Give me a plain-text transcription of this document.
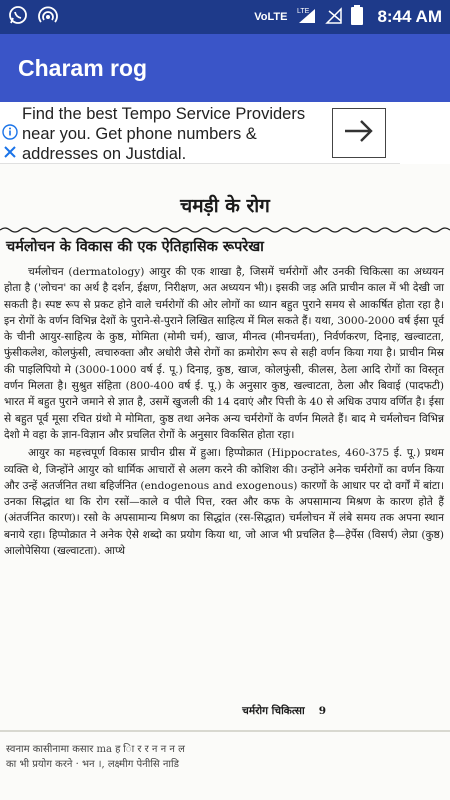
VoLTE LTE	8:44 AM
Charam rog
Find the best Tempo Service Providers near you. Get phone numbers & addresses on Justdial.
चमड़ी के रोग
चर्मलोचन के विकास की एक ऐतिहासिक रूपरेखा

चर्मलोचन (dermatology) आयुर की एक शाखा है, जिसमें चर्मरोगों और उनकी चिकित्सा का अध्ययन होता है ('लोचन' का अर्थ है दर्शन, ईक्षण, निरीक्षण, अत अध्ययन भी)। इसकी जड़ अति प्राचीन काल में भी देखी जा सकती है। स्पष्ट रूप से प्रकट होने वाले चर्मरोगों की ओर लोगों का ध्यान बहुत पुराने समय से आकर्षित होता रहा है। इन रोगों के वर्णन विभिन्न देशों के पुराने-से-पुराने लिखित साहित्य में मिल सकते हैं। यथा, 3000-2000 वर्ष ईसा पूर्व के चीनी आयुर-साहित्य के कुष्ठ, मोमिता (मोमी चर्म), खाज, मीनत्व (मीनचर्मता), निर्वर्णकरण, दिनाइ, खल्वाटता, फुंसीकलेश, कोलफुंसी, त्वचारुक्ता और अधोरी जैसे रोगों का क्रमोरोग रूप से सही वर्णन किया गया है। प्राचीन मिस्र की पाइलिपियो मे (3000-1000 वर्ष ई. पू.) दिनाइ, कुष्ठ, खाज, कोलफुंसी, कीलस, ठेला आदि रोगों का विस्तृत वर्णन मिलता है। सुश्रुत संहिता (800-400 वर्ष ई. पू.) के अनुसार कुष्ठ, खल्वाटता, ठेला और बिवाई (पादफटी) भारत में बहुत पुराने जमाने से ज्ञात है, उसमें खुजली की 14 दवाएं और पित्ती के 40 से अधिक उपाय वर्णित है। ईसा से बहुत पूर्व मूसा रचित ग्रंथो मे मोमिता, कुष्ठ तथा अनेक अन्य चर्मरोगों के वर्णन मिलते हैं। बाद मे चर्मलोचन विभिन्न देशो मे वहा के ज्ञान-विज्ञान और प्रचलित रोगों के अनुसार विकसित होता रहा।

आयुर का महत्त्वपूर्ण विकास प्राचीन ग्रीस में हुआ। हिप्पोक्रात (Hippocrates, 460-375 ई. पू.) प्रथम व्यक्ति थे, जिन्होंने आयुर को धार्मिक आचारों से अलग करने की कोशिश की। उन्होंने अनेक चर्मरोगों का वर्णन किया और उन्हें अतर्जनित तथा बहिर्जनित (endogenous and exogenous) कारणों के आधार पर दो वर्गों में बांटा। उनका सिद्धांत था कि रोग रसों—काले व पीले पित्त, रक्त और कफ के अपसामान्य मिश्रण के कारण होते हैं (अंतर्जनित कारण)। रसो के अपसामान्य मिश्रण का सिद्धांत (रस-सिद्धात) चर्मलोचन में लंबे समय तक अपना स्थान बनाये रहा। हिप्पोक्रात ने अनेक ऐसे शब्दो का प्रयोग किया था, जो आज भी प्रचलित है—हेर्पेस (विसर्प) लेप्रा (कुष्ठ) आलोपेसिया (खल्वाटता). आप्थे

चर्मरोग चिकित्सा 9
स्वनाम कासीनामा कसार ma ह ाि र र न न न ल
का भी प्रयोग करने · भन ।, लक्ष्मीग पेनीसि नाडि
